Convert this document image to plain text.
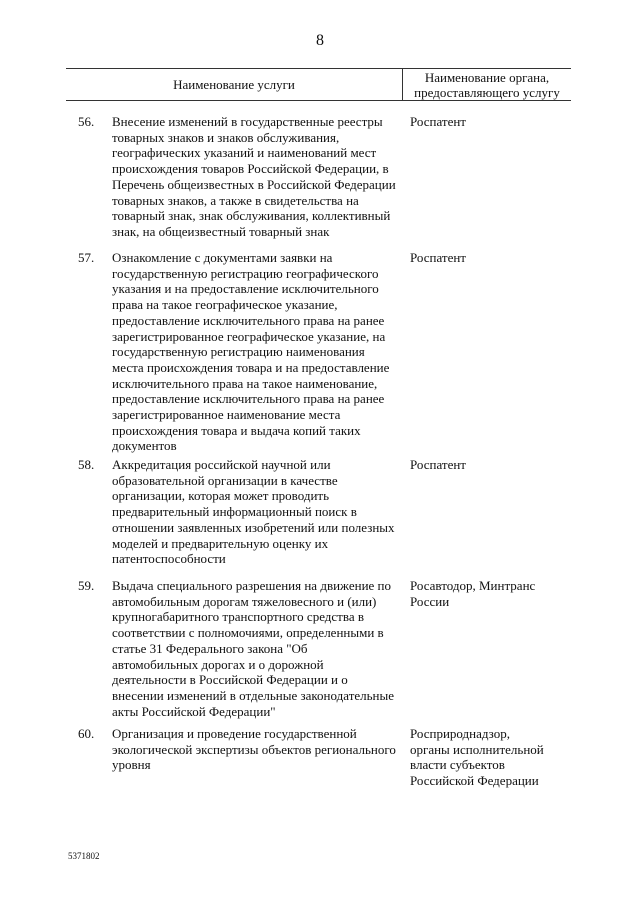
8
Наименование услуги	Наименование органа,
предоставляющего услугу
56. Внесение изменений в государственные реестры товарных знаков и знаков обслуживания, географических указаний и наименований мест происхождения товаров Российской Федерации, в Перечень общеизвестных в Российской Федерации товарных знаков, а также в свидетельства на товарный знак, знак обслуживания, коллективный знак, на общеизвестный товарный знак
Роспатент
57. Ознакомление с документами заявки на государственную регистрацию географического указания и на предоставление исключительного права на такое географическое указание, предоставление исключительного права на ранее зарегистрированное географическое указание, на государственную регистрацию наименования места происхождения товара и на предоставление исключительного права на такое наименование, предоставление исключительного права на ранее зарегистрированное наименование места происхождения товара и выдача копий таких документов
Роспатент
58. Аккредитация российской научной или образовательной организации в качестве организации, которая может проводить предварительный информационный поиск в отношении заявленных изобретений или полезных моделей и предварительную оценку их патентоспособности
Роспатент
59. Выдача специального разрешения на движение по автомобильным дорогам тяжеловесного и (или) крупногабаритного транспортного средства в соответствии с полномочиями, определенными в статье 31 Федерального закона "Об автомобильных дорогах и о дорожной деятельности в Российской Федерации и о внесении изменений в отдельные законодательные акты Российской Федерации"
Росавтодор, Минтранс России
60. Организация и проведение государственной экологической экспертизы объектов регионального уровня
Росприроднадзор, органы исполнительной власти субъектов Российской Федерации
5371802
